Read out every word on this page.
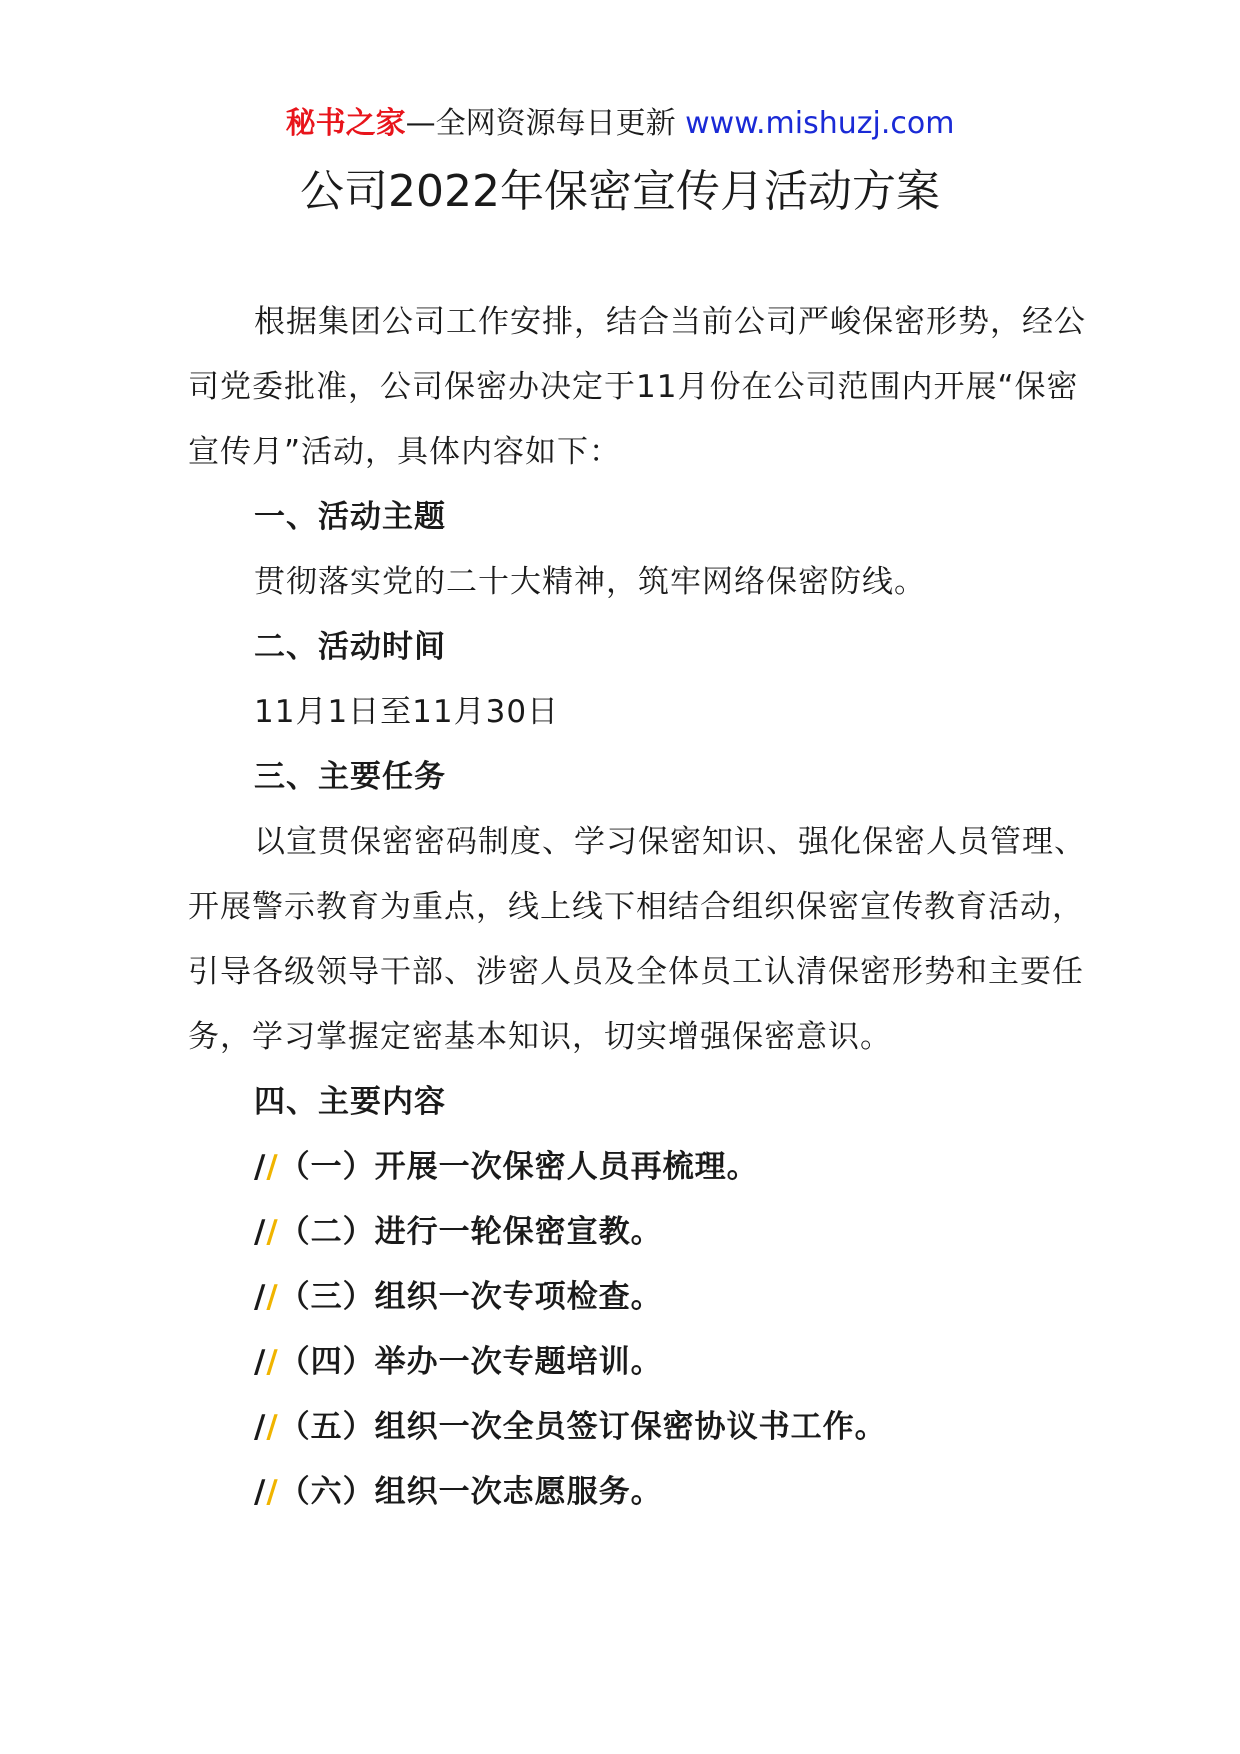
秘书之家—全网资源每日更新 www.mishuzj.com
公司2022年保密宣传月活动方案

根据集团公司工作安排，结合当前公司严峻保密形势，经公司党委批准，公司保密办决定于11月份在公司范围内开展“保密宣传月”活动，具体内容如下：

一、活动主题

贯彻落实党的二十大精神，筑牢网络保密防线。

二、活动时间

11月1日至11月30日

三、主要任务

以宣贯保密密码制度、学习保密知识、强化保密人员管理、开展警示教育为重点，线上线下相结合组织保密宣传教育活动，引导各级领导干部、涉密人员及全体员工认清保密形势和主要任务，学习掌握定密基本知识，切实增强保密意识。

四、主要内容

//（一）开展一次保密人员再梳理。

//（二）进行一轮保密宣教。

//（三）组织一次专项检查。

//（四）举办一次专题培训。

//（五）组织一次全员签订保密协议书工作。

//（六）组织一次志愿服务。
